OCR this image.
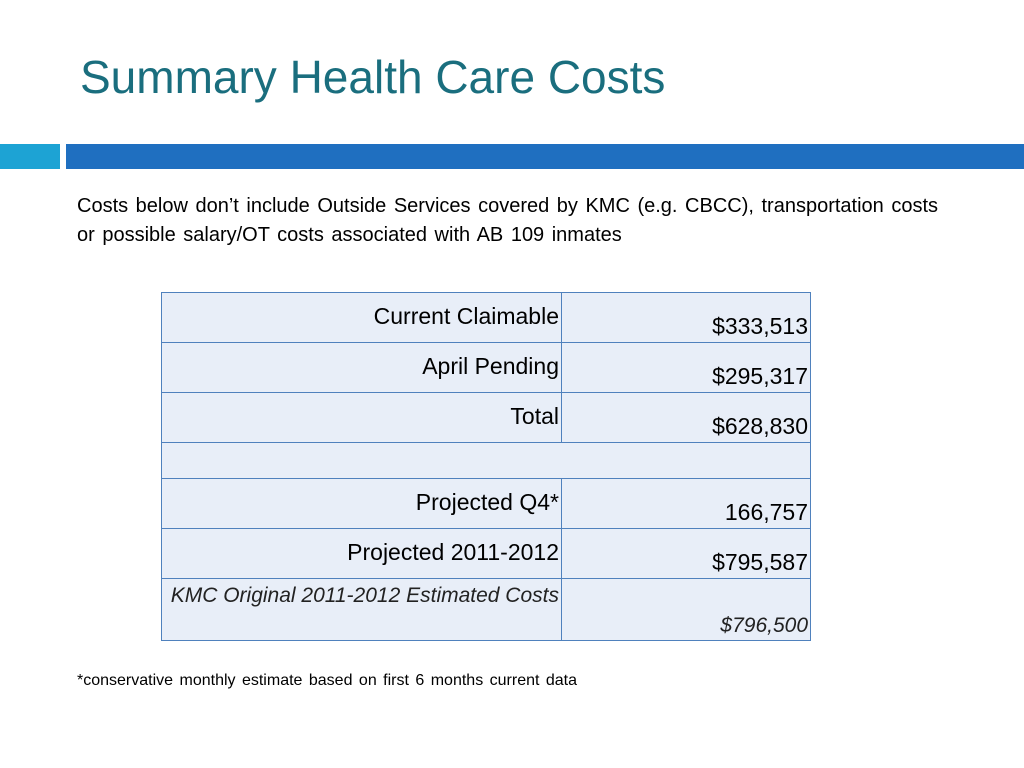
Summary Health Care Costs
Costs below don’t include Outside Services covered by KMC (e.g. CBCC), transportation costs or possible salary/OT costs associated with AB 109 inmates
Current Claimable	$333,513
April Pending	$295,317
Total	$628,830

Projected Q4*	166,757
Projected 2011-2012	$795,587
KMC Original 2011-2012 Estimated Costs	$796,500
*conservative monthly estimate based on first 6 months current data
